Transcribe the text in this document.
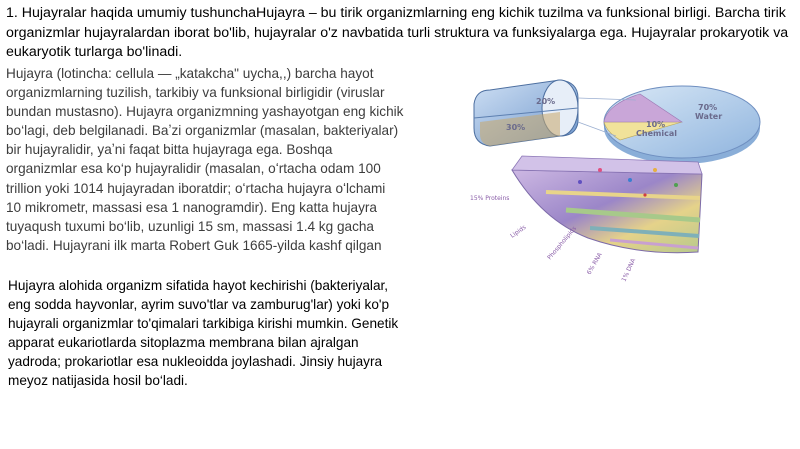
1. Hujayralar haqida umumiy tushunchaHujayra – bu tirik organizmlarning eng kichik tuzilma va funksional birligi. Barcha tirik organizmlar hujayralardan iborat bo'lib, hujayralar o'z navbatida turli struktura va funksiyalarga ega. Hujayralar prokaryotik va eukaryotik turlarga bo'linadi.
Hujayra (lotincha: cellula — „katakcha" uycha,,) barcha hayot organizmlarning tuzilish, tarkibiy va funksional birligidir (viruslar bundan mustasno). Hujayra organizmning yashayotgan eng kichik bo‘lagi, deb belgilanadi. Baʼzi organizmlar (masalan, bakteriyalar) bir hujayralidir, yaʼni faqat bitta hujayraga ega. Boshqa organizmlar esa ko‘p hujayralidir (masalan, oʻrtacha odam 100 trillion yoki 1014 hujayradan iboratdir; oʻrtacha hujayra oʻlchami 10 mikrometr, massasi esa 1 nanogramdir). Eng katta hujayra tuyaqush tuxumi bo‘lib, uzunligi 15 sm, massasi 1.4 kg gacha bo‘ladi. Hujayrani ilk marta Robert Guk 1665-yilda kashf qilgan
Hujayra alohida organizm sifatida hayot kechirishi (bakteriyalar, eng sodda hayvonlar, ayrim suvo'tlar va zamburug'lar) yoki ko'p hujayrali organizmlar to'qimalari tarkibiga kirishi mumkin. Genetik apparat eukariotlarda sitoplazma membrana bilan ajralgan yadroda; prokariotlar esa nukleoidda joylashadi. Jinsiy hujayra meyoz natijasida hosil bo‘ladi.
20%
30%
70%
Water
10%
Chemical
15% Proteins
Lipids	Phospholipids
6% RNA	1% DNA
